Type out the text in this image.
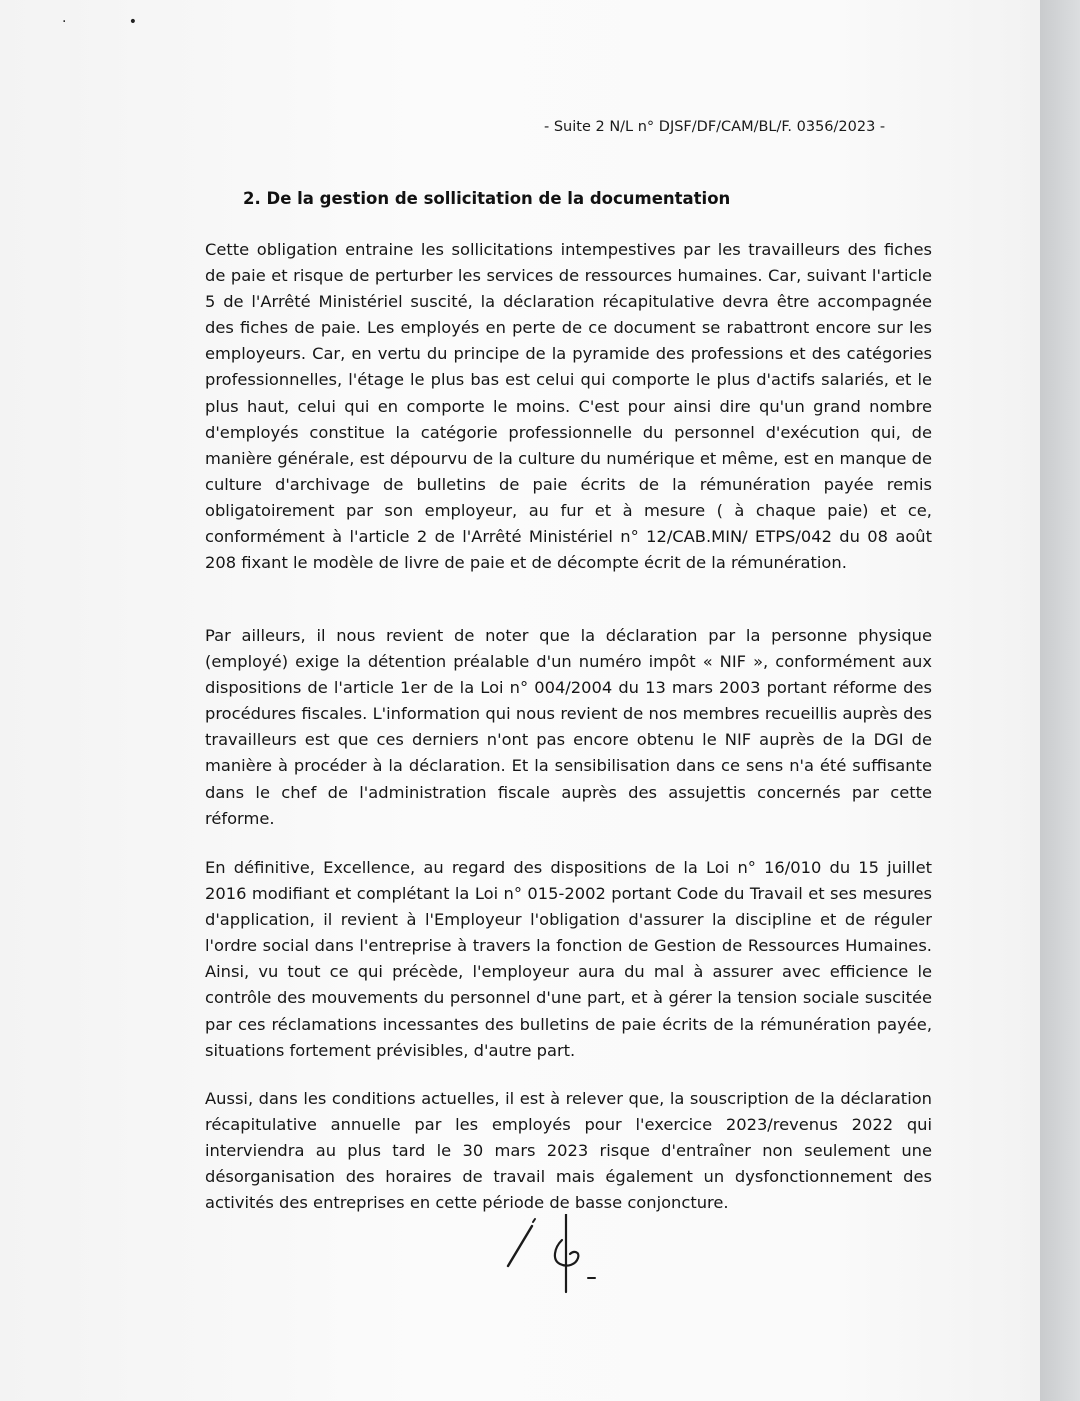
·              •
- Suite 2 N/L n° DJSF/DF/CAM/BL/F. 0356/2023 -
2. De la gestion de sollicitation de la documentation

Cette obligation entraine les sollicitations intempestives par les travailleurs des fiches de paie et risque de perturber les services de ressources humaines. Car, suivant l'article 5 de l'Arrêté Ministériel suscité, la déclaration récapitulative devra être accompagnée des fiches de paie. Les employés en perte de ce document se rabattront encore sur les employeurs. Car, en vertu du principe de la pyramide des professions et des catégories professionnelles, l'étage le plus bas est celui qui comporte le plus d'actifs salariés, et le plus haut, celui qui en comporte le moins. C'est pour ainsi dire qu'un grand nombre d'employés constitue la catégorie professionnelle du personnel d'exécution qui, de manière générale, est dépourvu de la culture du numérique et même, est en manque de culture d'archivage de bulletins de paie écrits de la rémunération payée remis obligatoirement par son employeur, au fur et à mesure ( à chaque paie) et ce, conformément à l'article 2 de l'Arrêté Ministériel n° 12/CAB.MIN/ ETPS/042 du 08 août 208 fixant le modèle de livre de paie et de décompte écrit de la rémunération.

Par ailleurs, il nous revient de noter que la déclaration par la personne physique (employé) exige la détention préalable d'un numéro impôt « NIF », conformément aux dispositions de l'article 1er de la Loi n° 004/2004 du 13 mars 2003 portant réforme des procédures fiscales. L'information qui nous revient de nos membres recueillis auprès des travailleurs est que ces derniers n'ont pas encore obtenu le NIF auprès de la DGI de manière à procéder à la déclaration. Et la sensibilisation dans ce sens n'a été suffisante dans le chef de l'administration fiscale auprès des assujettis concernés par cette réforme.

En définitive, Excellence, au regard des dispositions de la Loi n° 16/010 du 15 juillet 2016 modifiant et complétant la Loi n° 015-2002 portant Code du Travail et ses mesures d'application, il revient à l'Employeur l'obligation d'assurer la discipline et de réguler l'ordre social dans l'entreprise à travers la fonction de Gestion de Ressources Humaines. Ainsi, vu tout ce qui précède, l'employeur aura du mal à assurer avec efficience le contrôle des mouvements du personnel d'une part, et à gérer la tension sociale suscitée par ces réclamations incessantes des bulletins de paie écrits de la rémunération payée, situations fortement prévisibles, d'autre part.

Aussi, dans les conditions actuelles, il est à relever que, la souscription de la déclaration récapitulative annuelle par les employés pour l'exercice 2023/revenus 2022 qui interviendra au plus tard le 30 mars 2023 risque d'entraîner non seulement une désorganisation des horaires de travail mais également un dysfonctionnement des activités des entreprises en cette période de basse conjoncture.
